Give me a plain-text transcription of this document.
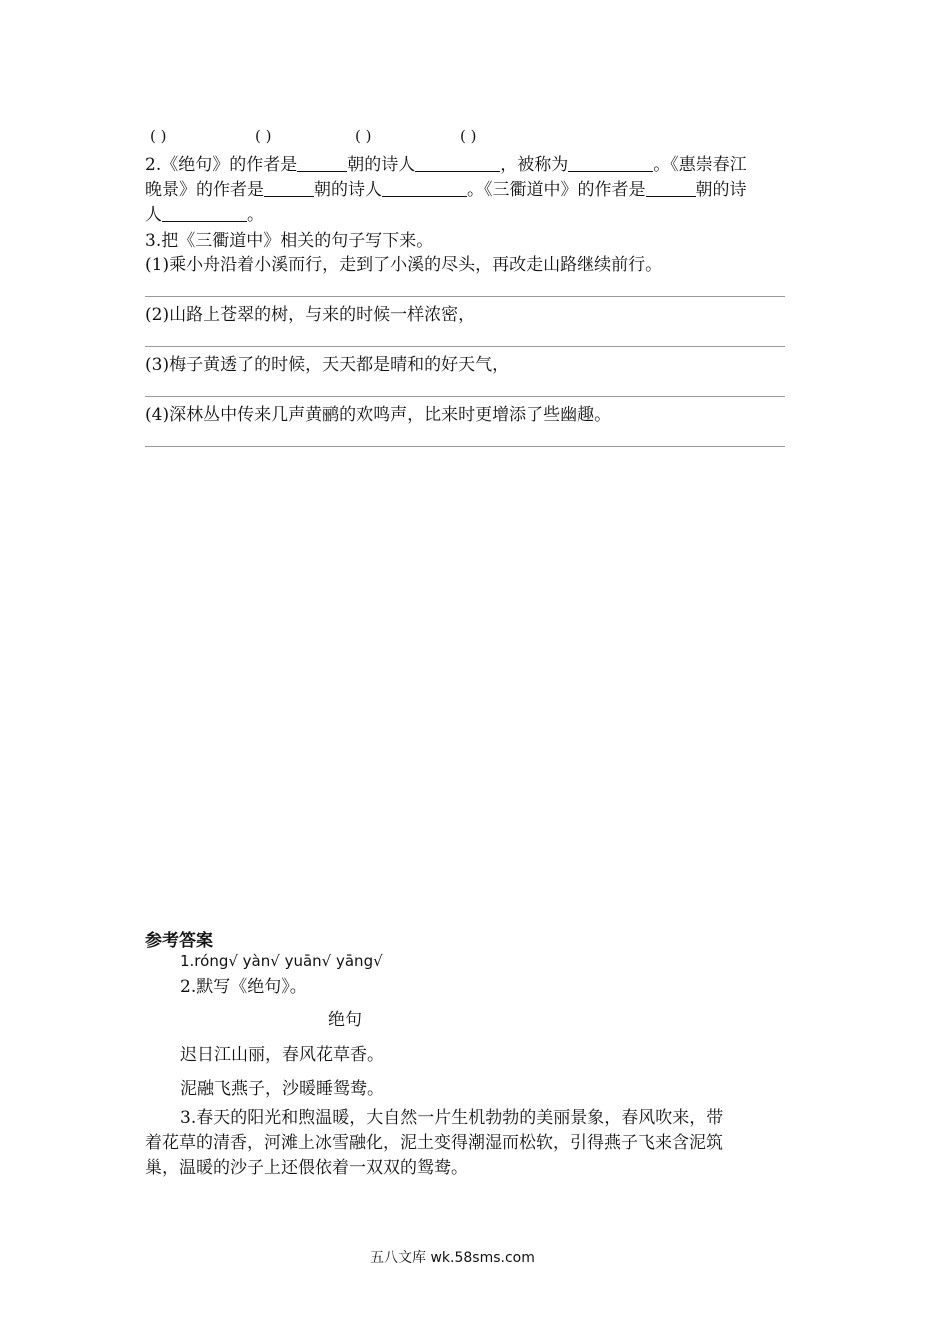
( )	( )	( )	( )
2.《绝句》的作者是	朝的诗人	，被称为	。《惠崇春江
晚景》的作者是	朝的诗人	。《三衢道中》的作者是	朝的诗
人	。
3.把《三衢道中》相关的句子写下来。
(1)乘小舟沿着小溪而行，走到了小溪的尽头，再改走山路继续前行。
(2)山路上苍翠的树，与来的时候一样浓密，
(3)梅子黄透了的时候，天天都是晴和的好天气，
(4)深林丛中传来几声黄鹂的欢鸣声，比来时更增添了些幽趣。
参考答案
1.róng√ yàn√ yuān√ yāng√
2.默写《绝句》。
绝句
迟日江山丽，春风花草香。
泥融飞燕子，沙暖睡鸳鸯。
3.春天的阳光和煦温暖，大自然一片生机勃勃的美丽景象，春风吹来，带
着花草的清香，河滩上冰雪融化，泥土变得潮湿而松软，引得燕子飞来含泥筑
巢，温暖的沙子上还偎依着一双双的鸳鸯。
五八文库 wk.58sms.com
